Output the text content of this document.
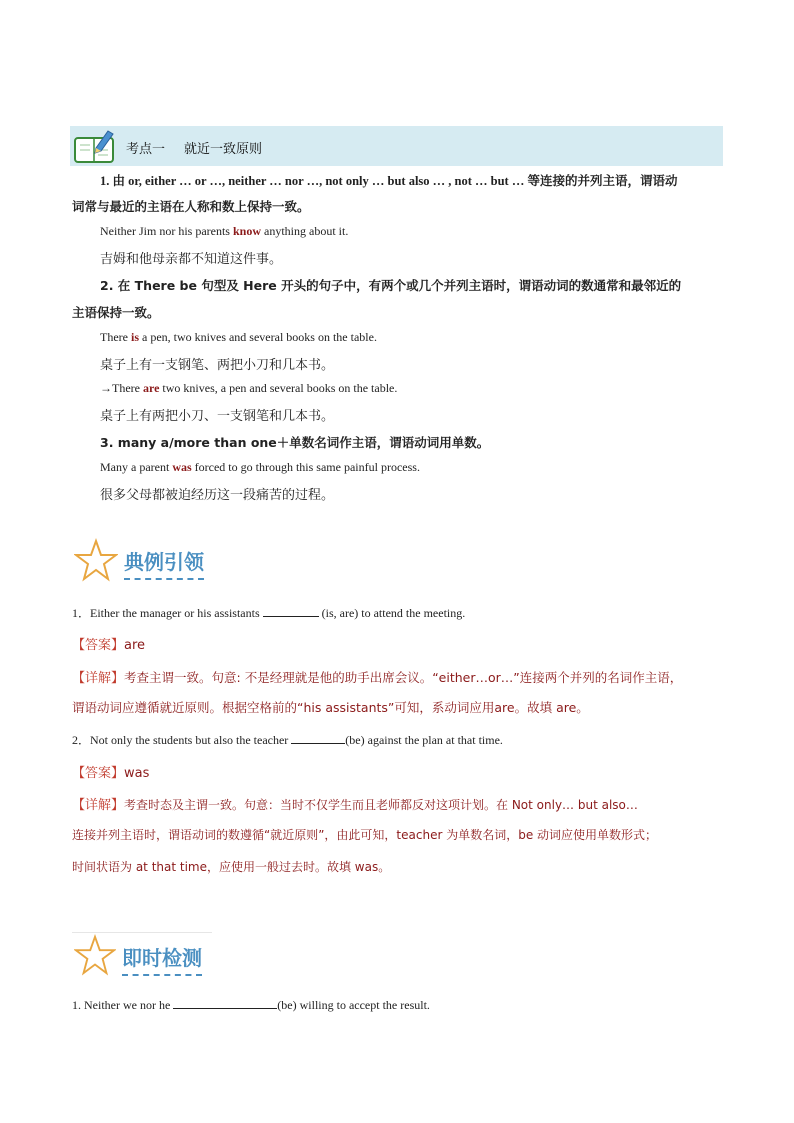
考点一 就近一致原则
1. 由 or, either … or …, neither … nor …, not only … but also … , not … but … 等连接的并列主语，谓语动
词常与最近的主语在人称和数上保持一致。
Neither Jim nor his parents know anything about it.
吉姆和他母亲都不知道这件事。
2. 在 There be 句型及 Here 开头的句子中，有两个或几个并列主语时，谓语动词的数通常和最邻近的
主语保持一致。
There is a pen, two knives and several books on the table.
桌子上有一支钢笔、两把小刀和几本书。
→There are two knives, a pen and several books on the table.
桌子上有两把小刀、一支钢笔和几本书。
3. many a/more than one＋单数名词作主语，谓语动词用单数。
Many a parent was forced to go through this same painful process.
很多父母都被迫经历这一段痛苦的过程。
典例引领
1．Either the manager or his assistants	(is, are) to attend the meeting.
【答案】are
【详解】考查主谓一致。句意: 不是经理就是他的助手出席会议。“either…or…”连接两个并列的名词作主语，
谓语动词应遵循就近原则。根据空格前的“his assistants”可知，系动词应用are。故填 are。
2．Not only the students but also the teacher	(be) against the plan at that time.
【答案】was
【详解】考查时态及主谓一致。句意：当时不仅学生而且老师都反对这项计划。在 Not only… but also…
连接并列主语时，谓语动词的数遵循“就近原则”，由此可知，teacher 为单数名词，be 动词应使用单数形式；
时间状语为 at that time，应使用一般过去时。故填 was。
即时检测
1. Neither we nor he	(be) willing to accept the result.
